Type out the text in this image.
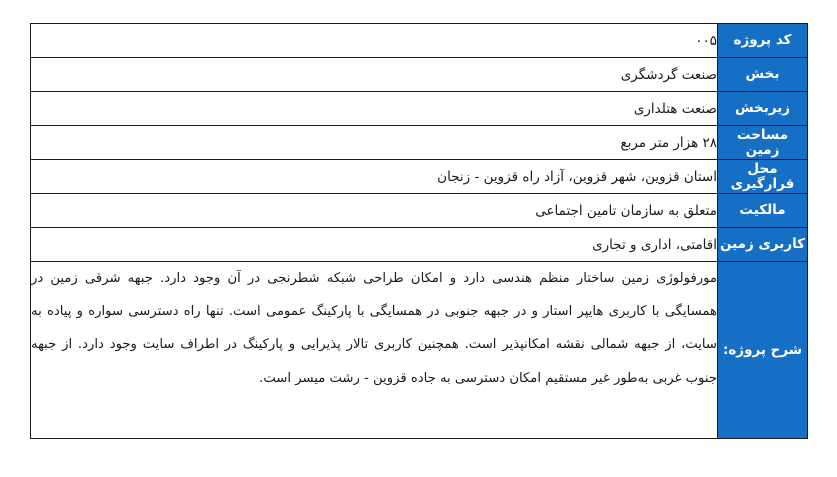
کد پروژه	۰۰۵
بخش	صنعت گردشگری
زیربخش	صنعت هتلداری
مساحت زمین	۲۸ هزار متر مربع
محل قرارگیری	استان قزوین، شهر قزوین، آزاد راه قزوین - زنجان
مالکیت	متعلق به سازمان تامین اجتماعی
کاربری زمین	اقامتی، اداری و تجاری
شرح پروژه:	مورفولوژی زمین ساختار منظم هندسی دارد و امکان طراحی شبکه شطرنجی در آن وجود دارد. جبهه شرقی زمین در همسایگی با کاربری هایپر استار و در جبهه جنوبی در همسایگی با پارکینگ عمومی است. تنها راه دسترسی سواره و پیاده به سایت، از جبهه شمالی نقشه امکانپذیر است. همچنین کاربری تالار پذیرایی و پارکینگ در اطراف سایت وجود دارد. از جبهه جنوب غربی به‌طور غیر مستقیم امکان دسترسی به جاده قزوین - رشت میسر است.
